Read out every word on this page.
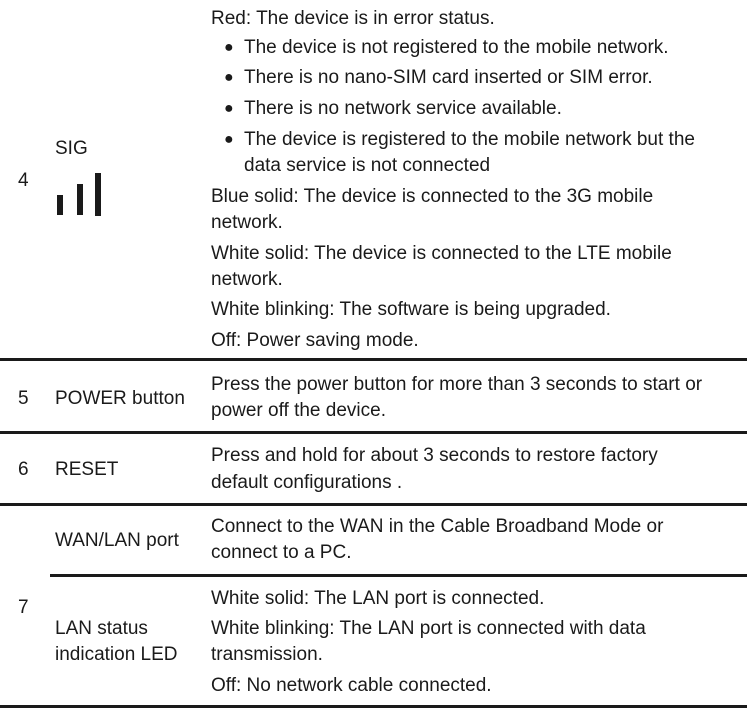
4
SIG
Red: The device is in error status.
● The device is not registered to the mobile network.
● There is no nano-SIM card inserted or SIM error.
● There is no network service available.
● The device is registered to the mobile network but the
data service is not connected
Blue solid: The device is connected to the 3G mobile
network.
White solid: The device is connected to the LTE mobile
network.
White blinking: The software is being upgraded.
Off: Power saving mode.
5 POWER button
Press the power button for more than 3 seconds to start or
power off the device.
6 RESET
Press and hold for about 3 seconds to restore factory
default configurations .
7
WAN/LAN port
Connect to the WAN in the Cable Broadband Mode or
connect to a PC.
LAN status
indication LED
White solid: The LAN port is connected.
White blinking: The LAN port is connected with data
transmission.
Off: No network cable connected.
